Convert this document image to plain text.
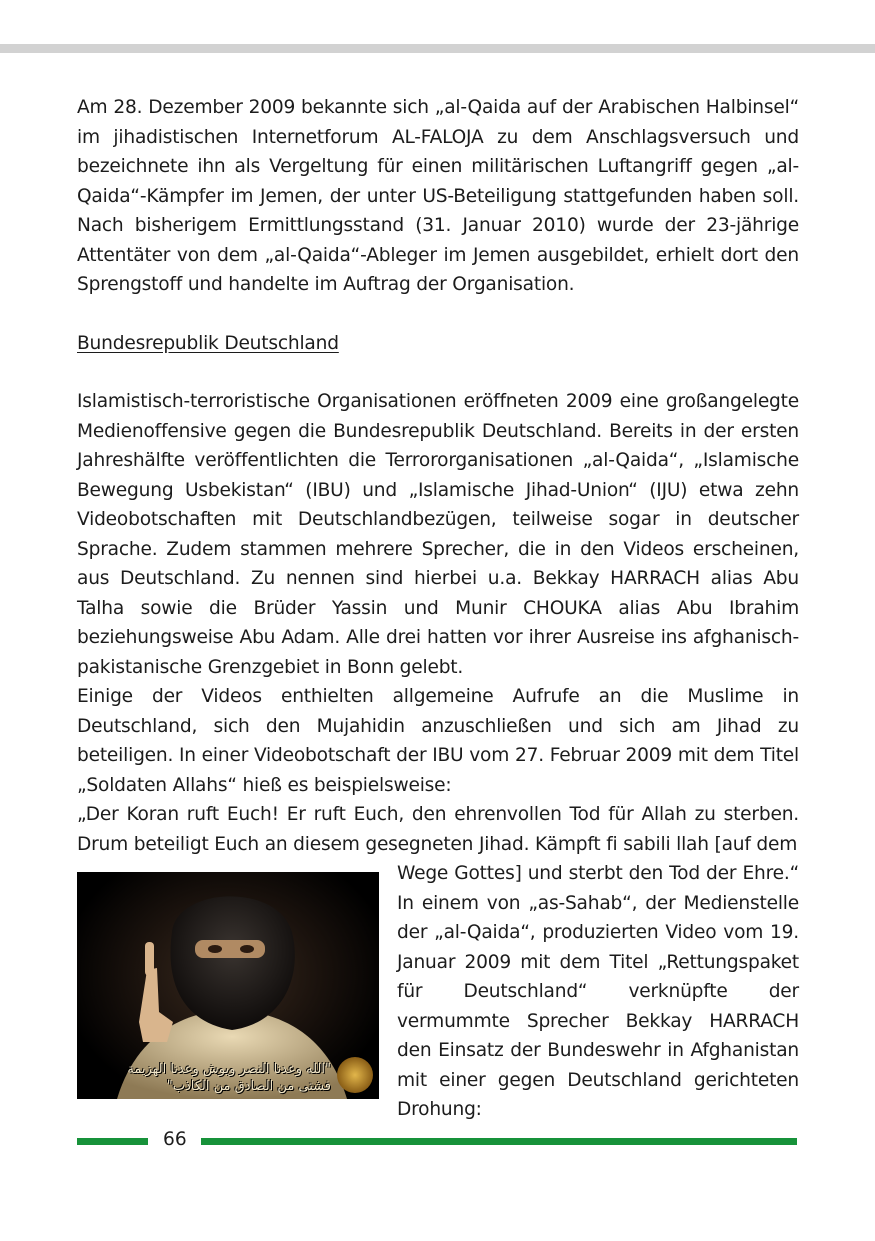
Am 28. Dezember 2009 bekannte sich „al-Qaida auf der Arabischen Halbinsel“ im jihadistischen Internetforum AL-FALOJA zu dem Anschlagsversuch und bezeichnete ihn als Vergeltung für einen militärischen Luftangriff gegen „al-Qaida“-Kämpfer im Jemen, der unter US-Beteiligung stattgefunden haben soll. Nach bisherigem Ermittlungsstand (31. Januar 2010) wurde der 23-jährige Attentäter von dem „al-Qaida“-Ableger im Jemen ausgebildet, erhielt dort den Sprengstoff und handelte im Auftrag der Organisation.

Bundesrepublik Deutschland

Islamistisch-terroristische Organisationen eröffneten 2009 eine großangelegte Medienoffensive gegen die Bundesrepublik Deutschland. Bereits in der ersten Jahreshälfte veröffentlichten die Terrororganisationen „al-Qaida“, „Islamische Bewegung Usbekistan“ (IBU) und „Islamische Jihad-Union“ (IJU) etwa zehn Videobotschaften mit Deutschlandbezügen, teilweise sogar in deutscher Sprache. Zudem stammen mehrere Sprecher, die in den Videos erscheinen, aus Deutschland. Zu nennen sind hierbei u.a. Bekkay HARRACH alias Abu Talha sowie die Brüder Yassin und Munir CHOUKA alias Abu Ibrahim beziehungsweise Abu Adam. Alle drei hatten vor ihrer Ausreise ins afghanisch-pakistanische Grenzgebiet in Bonn gelebt.

Einige der Videos enthielten allgemeine Aufrufe an die Muslime in Deutschland, sich den Mujahidin anzuschließen und sich am Jihad zu beteiligen. In einer Videobotschaft der IBU vom 27. Februar 2009 mit dem Titel „Soldaten Allahs“ hieß es beispielsweise:

„Der Koran ruft Euch! Er ruft Euch, den ehrenvollen Tod für Allah zu sterben. Drum beteiligt Euch an diesem gesegneten Jihad. Kämpft fi sabili llah [auf dem

"الله وعدنا النصر ويوش وعدنا الهزيمة
فشتى من الصادق من الكاذب"

Wege Gottes] und sterbt den Tod der Ehre.“ In einem von „as-Sahab“, der Medienstelle der „al-Qaida“, produzierten Video vom 19. Januar 2009 mit dem Titel „Rettungspaket für Deutschland“ verknüpfte der vermummte Sprecher Bekkay HARRACH den Einsatz der Bundeswehr in Afghanistan mit einer gegen Deutschland gerichteten Drohung:

66
